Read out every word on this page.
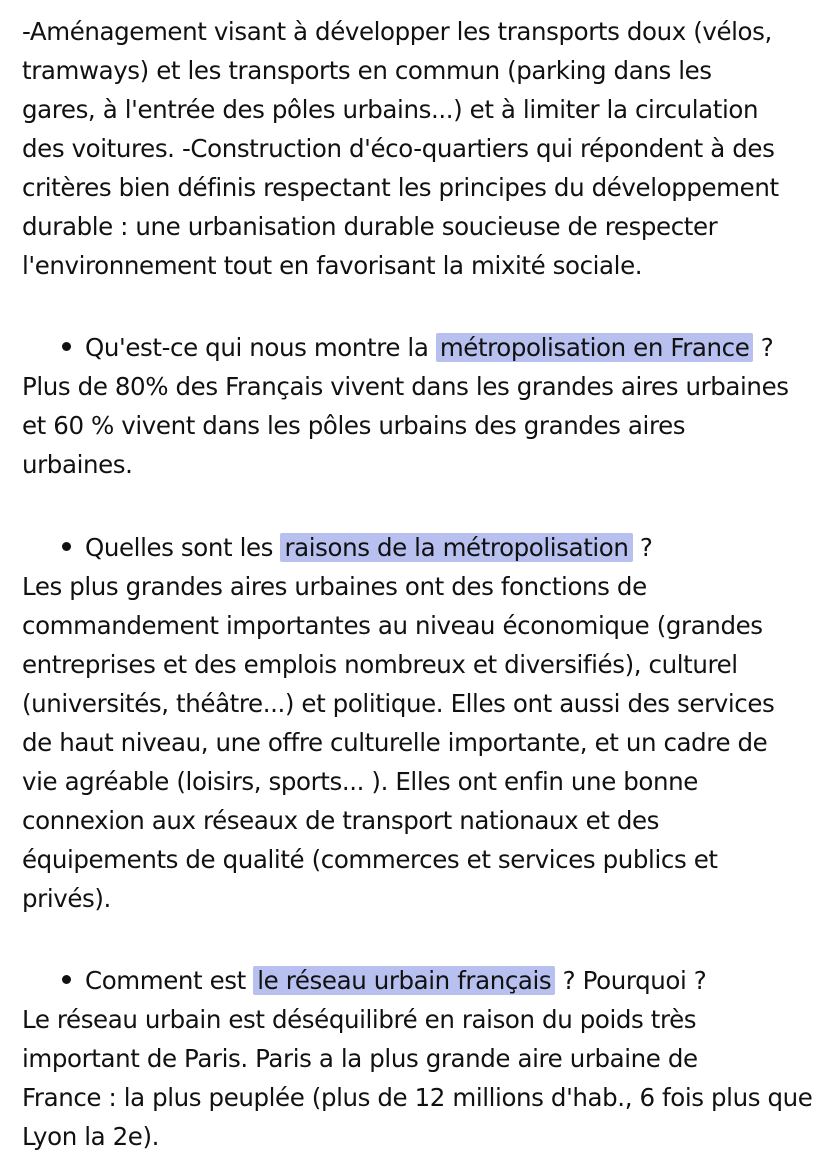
-Aménagement visant à développer les transports doux (vélos,
tramways) et les transports en commun (parking dans les
gares, à l'entrée des pôles urbains...) et à limiter la circulation
des voitures. -Construction d'éco-quartiers qui répondent à des
critères bien définis respectant les principes du développement
durable : une urbanisation durable soucieuse de respecter
l'environnement tout en favorisant la mixité sociale.
Qu'est-ce qui nous montre la métropolisation en France ?
Plus de 80% des Français vivent dans les grandes aires urbaines
et 60 % vivent dans les pôles urbains des grandes aires
urbaines.
Quelles sont les raisons de la métropolisation ?
Les plus grandes aires urbaines ont des fonctions de
commandement importantes au niveau économique (grandes
entreprises et des emplois nombreux et diversifiés), culturel
(universités, théâtre...) et politique. Elles ont aussi des services
de haut niveau, une offre culturelle importante, et un cadre de
vie agréable (loisirs, sports... ). Elles ont enfin une bonne
connexion aux réseaux de transport nationaux et des
équipements de qualité (commerces et services publics et
privés).
Comment est le réseau urbain français ? Pourquoi ?
Le réseau urbain est déséquilibré en raison du poids très
important de Paris. Paris a la plus grande aire urbaine de
France : la plus peuplée (plus de 12 millions d'hab., 6 fois plus que
Lyon la 2e).
